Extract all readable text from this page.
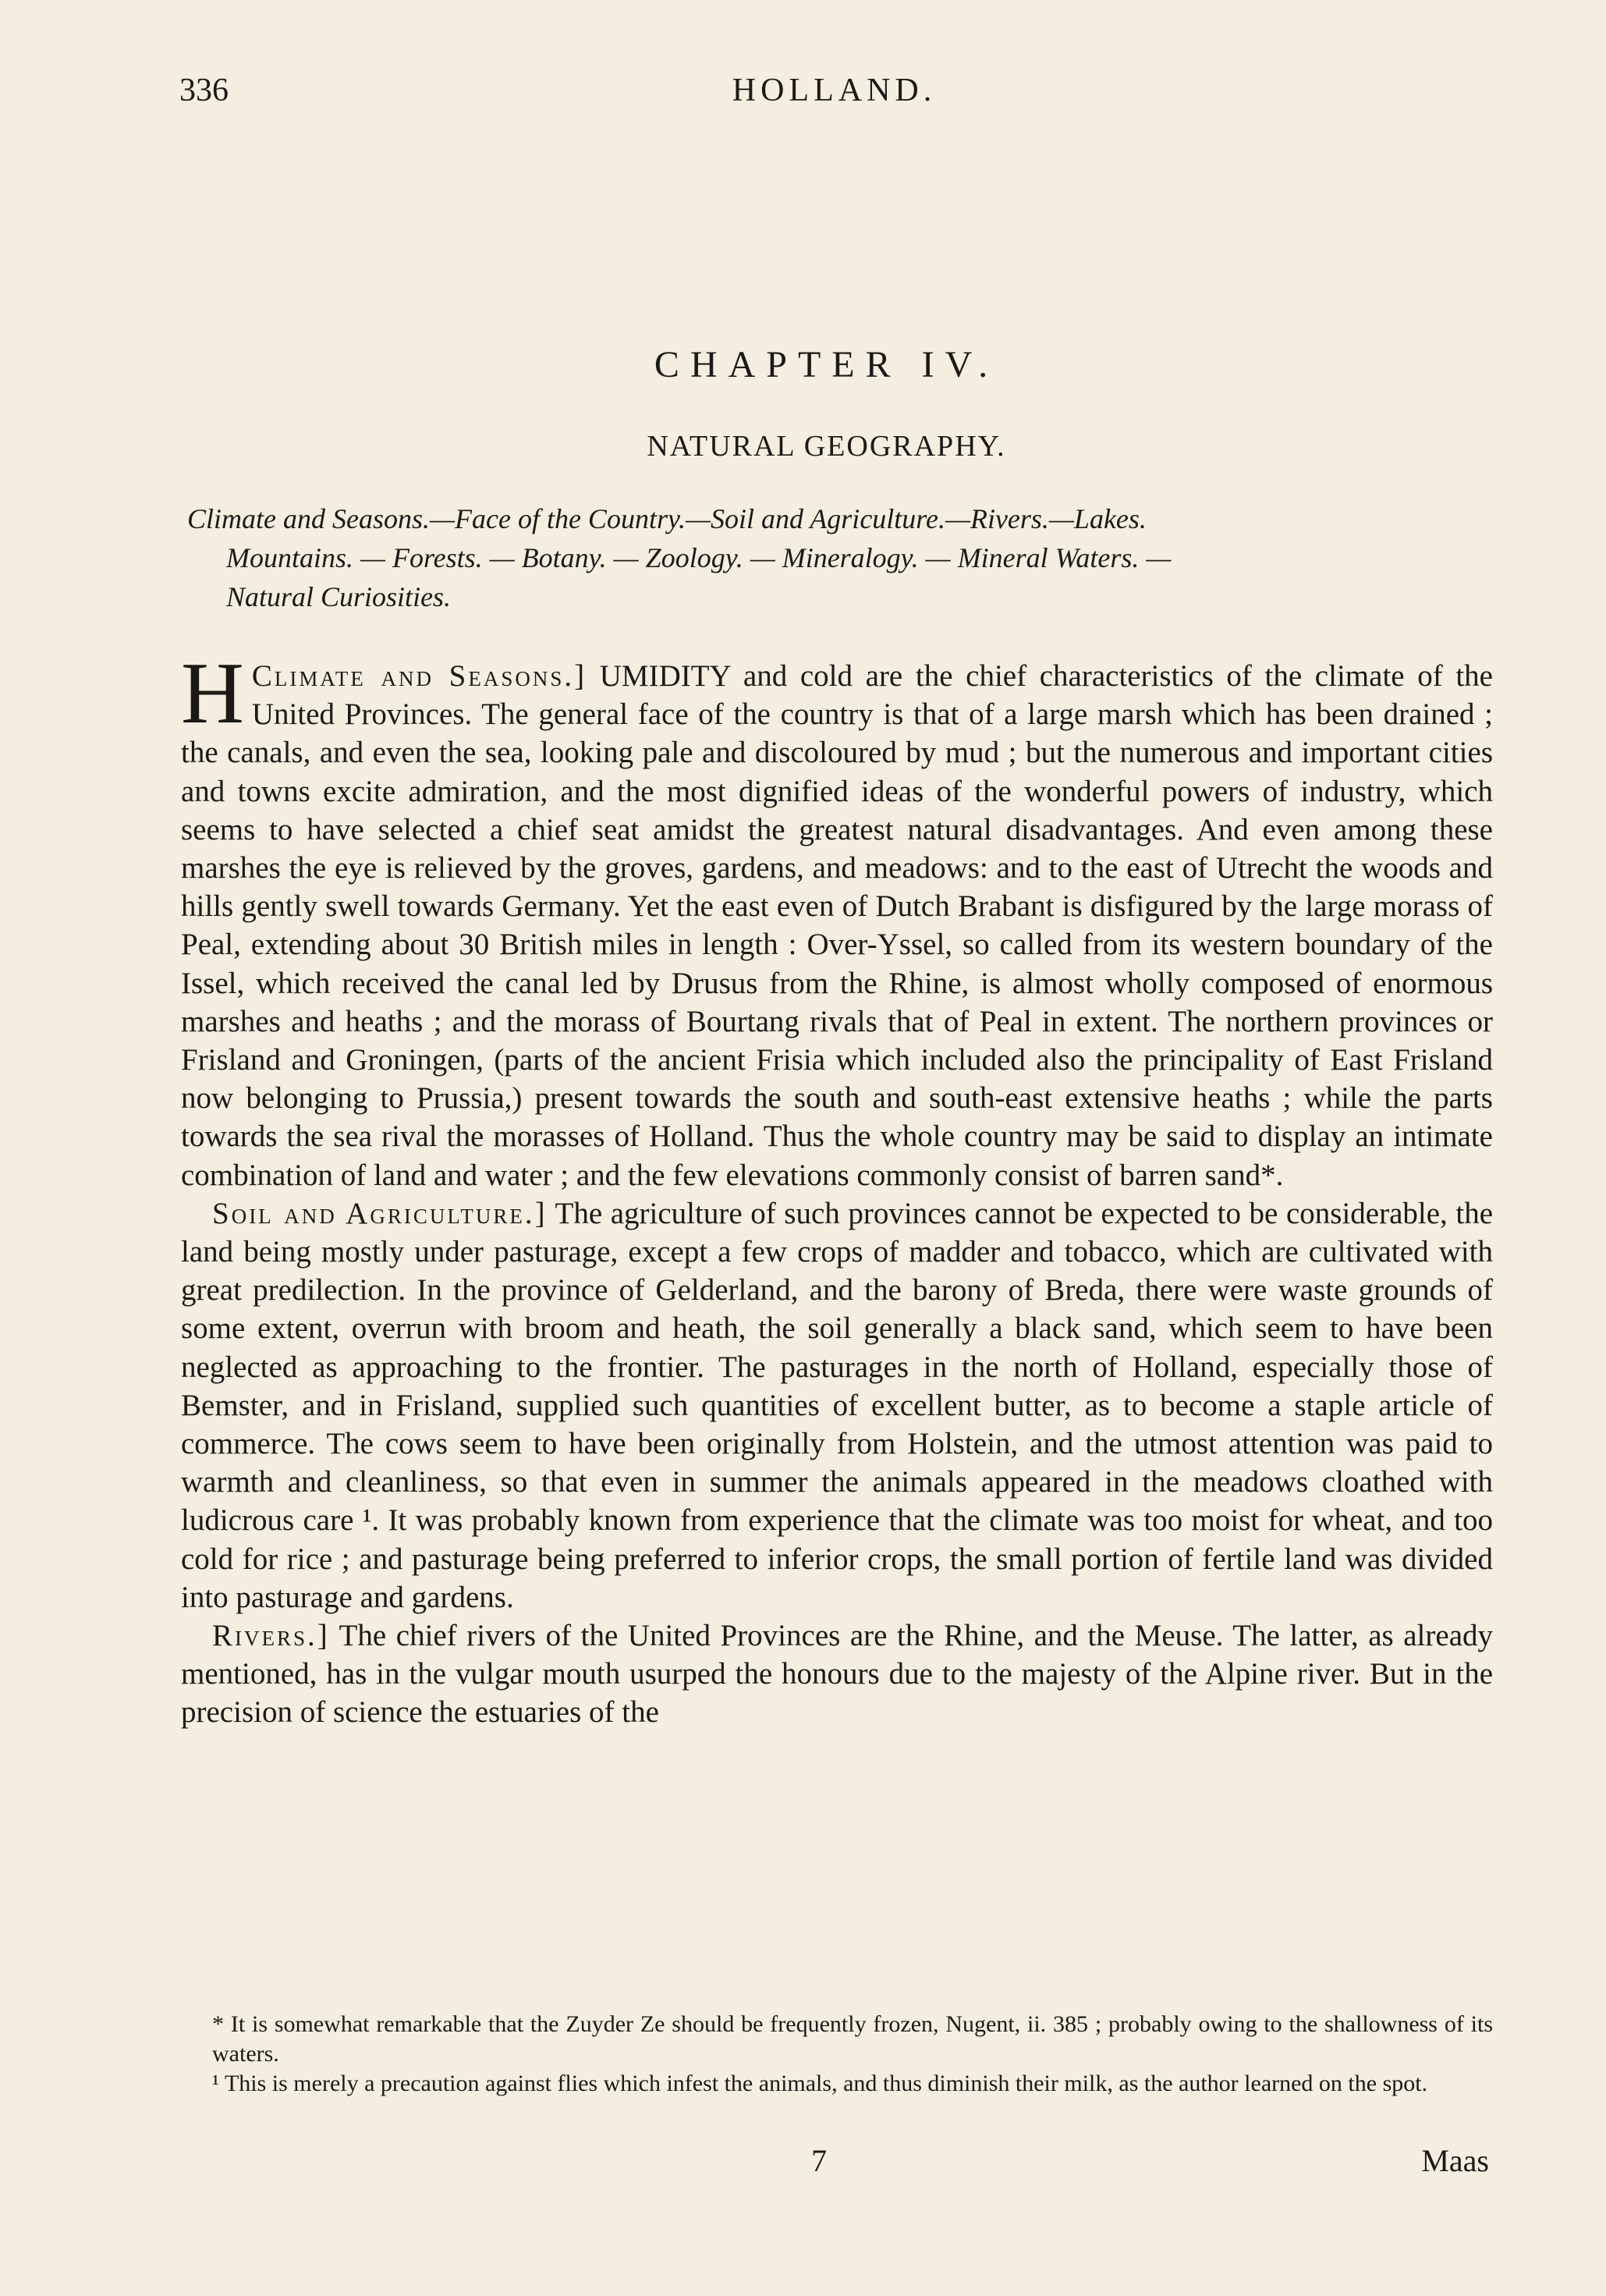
336	HOLLAND.
CHAPTER IV.
NATURAL GEOGRAPHY.

Climate and Seasons.—Face of the Country.—Soil and Agriculture.—Rivers.—Lakes.

Mountains. — Forests. — Botany. — Zoology. — Mineralogy. — Mineral Waters. —

Natural Curiosities.

Climate and Seasons.]
H	UMIDITY and cold are the chief characteristics of the climate of the United Provinces. The general face of the country is that of a large marsh which has been drained ; the canals, and even the sea, looking pale and discoloured by mud ; but the numerous and important cities and towns excite admiration, and the most dignified ideas of the wonderful powers of industry, which seems to have selected a chief seat amidst the greatest natural disadvantages. And even among these marshes the eye is relieved by the groves, gardens, and meadows: and to the east of Utrecht the woods and hills gently swell towards Germany. Yet the east even of Dutch Brabant is disfigured by the large morass of Peal, extending about 30 British miles in length : Over-Yssel, so called from its western boundary of the Issel, which received the canal led by Drusus from the Rhine, is almost wholly composed of enormous marshes and heaths ; and the morass of Bourtang rivals that of Peal in extent. The northern provinces or Frisland and Groningen, (parts of the ancient Frisia which included also the principality of East Frisland now belonging to Prussia,) present towards the south and south-east extensive heaths ; while the parts towards the sea rival the morasses of Holland. Thus the whole country may be said to display an intimate combination of land and water ; and the few elevations commonly consist of barren sand*.

Soil and Agriculture.] The agriculture of such provinces cannot be expected to be considerable, the land being mostly under pasturage, except a few crops of madder and tobacco, which are cultivated with great predilection. In the province of Gelderland, and the barony of Breda, there were waste grounds of some extent, overrun with broom and heath, the soil generally a black sand, which seem to have been neglected as approaching to the frontier. The pasturages in the north of Holland, especially those of Bemster, and in Frisland, supplied such quantities of excellent butter, as to become a staple article of commerce. The cows seem to have been originally from Holstein, and the utmost attention was paid to warmth and cleanliness, so that even in summer the animals appeared in the meadows cloathed with ludicrous care ¹. It was probably known from experience that the climate was too moist for wheat, and too cold for rice ; and pasturage being preferred to inferior crops, the small portion of fertile land was divided into pasturage and gardens.

Rivers.] The chief rivers of the United Provinces are the Rhine, and the Meuse. The latter, as already mentioned, has in the vulgar mouth usurped the honours due to the majesty of the Alpine river. But in the precision of science the estuaries of the

* It is somewhat remarkable that the Zuyder Ze should be frequently frozen, Nugent, ii. 385 ; probably owing to the shallowness of its waters.

¹ This is merely a precaution against flies which infest the animals, and thus diminish their milk, as the author learned on the spot.

7	Maas
